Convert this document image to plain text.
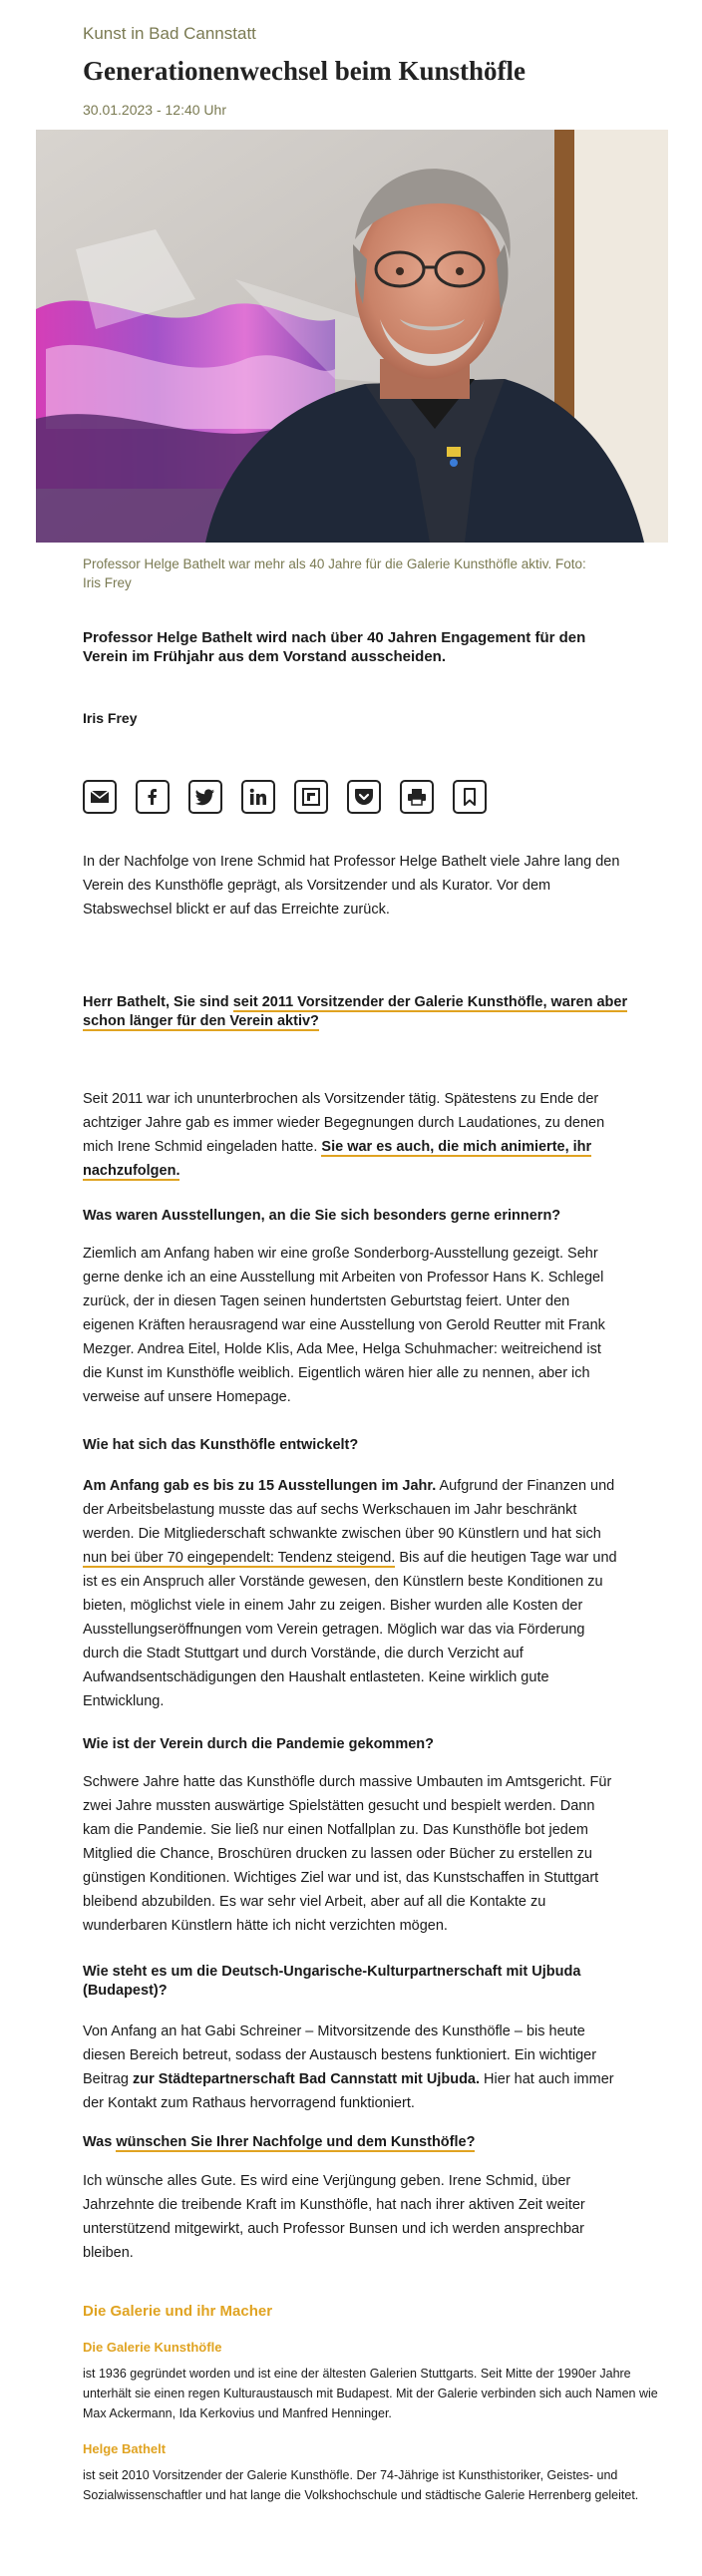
Kunst in Bad Cannstatt
Generationenwechsel beim Kunsthöfle
30.01.2023 - 12:40 Uhr
Professor Helge Bathelt war mehr als 40 Jahre für die Galerie Kunsthöfle aktiv. Foto: Iris Frey
Professor Helge Bathelt wird nach über 40 Jahren Engagement für den Verein im Frühjahr aus dem Vorstand ausscheiden.
Iris Frey

In der Nachfolge von Irene Schmid hat Professor Helge Bathelt viele Jahre lang den Verein des Kunsthöfle geprägt, als Vorsitzender und als Kurator. Vor dem Stabswechsel blickt er auf das Erreichte zurück.

Herr Bathelt, Sie sind seit 2011 Vorsitzender der Galerie Kunsthöfle, waren aber schon länger für den Verein aktiv?

Seit 2011 war ich ununterbrochen als Vorsitzender tätig. Spätestens zu Ende der achtziger Jahre gab es immer wieder Begegnungen durch Laudationes, zu denen mich Irene Schmid eingeladen hatte. Sie war es auch, die mich animierte, ihr nachzufolgen.

Was waren Ausstellungen, an die Sie sich besonders gerne erinnern?

Ziemlich am Anfang haben wir eine große Sonderborg-Ausstellung gezeigt. Sehr gerne denke ich an eine Ausstellung mit Arbeiten von Professor Hans K. Schlegel zurück, der in diesen Tagen seinen hundertsten Geburtstag feiert. Unter den eigenen Kräften herausragend war eine Ausstellung von Gerold Reutter mit Frank Mezger. Andrea Eitel, Holde Klis, Ada Mee, Helga Schuhmacher: weitreichend ist die Kunst im Kunsthöfle weiblich. Eigentlich wären hier alle zu nennen, aber ich verweise auf unsere Homepage.

Wie hat sich das Kunsthöfle entwickelt?

Am Anfang gab es bis zu 15 Ausstellungen im Jahr. Aufgrund der Finanzen und der Arbeitsbelastung musste das auf sechs Werkschauen im Jahr beschränkt werden. Die Mitgliederschaft schwankte zwischen über 90 Künstlern und hat sich nun bei über 70 eingependelt: Tendenz steigend. Bis auf die heutigen Tage war und ist es ein Anspruch aller Vorstände gewesen, den Künstlern beste Konditionen zu bieten, möglichst viele in einem Jahr zu zeigen. Bisher wurden alle Kosten der Ausstellungseröffnungen vom Verein getragen. Möglich war das via Förderung durch die Stadt Stuttgart und durch Vorstände, die durch Verzicht auf Aufwandsentschädigungen den Haushalt entlasteten. Keine wirklich gute Entwicklung.

Wie ist der Verein durch die Pandemie gekommen?

Schwere Jahre hatte das Kunsthöfle durch massive Umbauten im Amtsgericht. Für zwei Jahre mussten auswärtige Spielstätten gesucht und bespielt werden. Dann kam die Pandemie. Sie ließ nur einen Notfallplan zu. Das Kunsthöfle bot jedem Mitglied die Chance, Broschüren drucken zu lassen oder Bücher zu erstellen zu günstigen Konditionen. Wichtiges Ziel war und ist, das Kunstschaffen in Stuttgart bleibend abzubilden. Es war sehr viel Arbeit, aber auf all die Kontakte zu wunderbaren Künstlern hätte ich nicht verzichten mögen.

Wie steht es um die Deutsch-Ungarische-Kulturpartnerschaft mit Ujbuda (Budapest)?

Von Anfang an hat Gabi Schreiner – Mitvorsitzende des Kunsthöfle – bis heute diesen Bereich betreut, sodass der Austausch bestens funktioniert. Ein wichtiger Beitrag zur Städtepartnerschaft Bad Cannstatt mit Ujbuda. Hier hat auch immer der Kontakt zum Rathaus hervorragend funktioniert.

Was wünschen Sie Ihrer Nachfolge und dem Kunsthöfle?

Ich wünsche alles Gute. Es wird eine Verjüngung geben. Irene Schmid, über Jahrzehnte die treibende Kraft im Kunsthöfle, hat nach ihrer aktiven Zeit weiter unterstützend mitgewirkt, auch Professor Bunsen und ich werden ansprechbar bleiben.

Die Galerie und ihr Macher
Die Galerie Kunsthöfle

ist 1936 gegründet worden und ist eine der ältesten Galerien Stuttgarts. Seit Mitte der 1990er Jahre unterhält sie einen regen Kulturaustausch mit Budapest. Mit der Galerie verbinden sich auch Namen wie Max Ackermann, Ida Kerkovius und Manfred Henninger.

Helge Bathelt

ist seit 2010 Vorsitzender der Galerie Kunsthöfle. Der 74-Jährige ist Kunsthistoriker, Geistes- und Sozialwissenschaftler und hat lange die Volkshochschule und städtische Galerie Herrenberg geleitet.
